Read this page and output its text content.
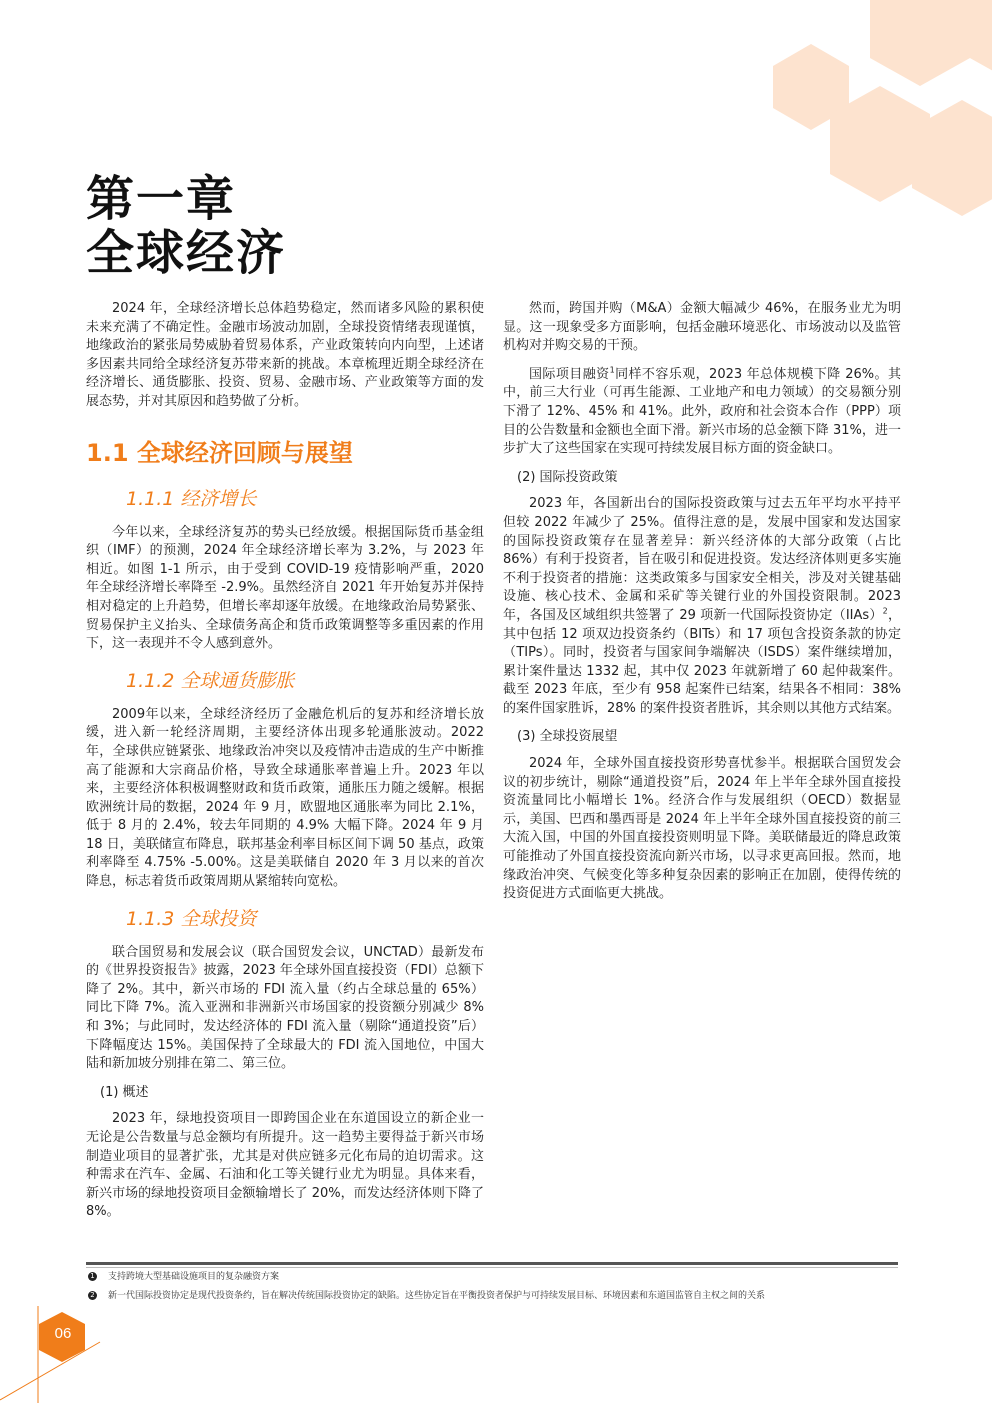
第一章
全球经济

2024 年，全球经济增长总体趋势稳定，然而诸多风险的累积使未来充满了不确定性。金融市场波动加剧，全球投资情绪表现谨慎，地缘政治的紧张局势威胁着贸易体系，产业政策转向内向型，上述诸多因素共同给全球经济复苏带来新的挑战。本章梳理近期全球经济在经济增长、通货膨胀、投资、贸易、金融市场、产业政策等方面的发展态势，并对其原因和趋势做了分析。

1.1 全球经济回顾与展望
1.1.1 经济增长

今年以来，全球经济复苏的势头已经放缓。根据国际货币基金组织（IMF）的预测，2024 年全球经济增长率为 3.2%，与 2023 年相近。如图 1-1 所示，由于受到 COVID-19 疫情影响严重，2020 年全球经济增长率降至 -2.9%。虽然经济自 2021 年开始复苏并保持相对稳定的上升趋势，但增长率却逐年放缓。在地缘政治局势紧张、贸易保护主义抬头、全球债务高企和货币政策调整等多重因素的作用下，这一表现并不令人感到意外。

1.1.2 全球通货膨胀

2009年以来，全球经济经历了金融危机后的复苏和经济增长放缓，进入新一轮经济周期，主要经济体出现多轮通胀波动。2022 年，全球供应链紧张、地缘政治冲突以及疫情冲击造成的生产中断推高了能源和大宗商品价格，导致全球通胀率普遍上升。2023 年以来，主要经济体积极调整财政和货币政策，通胀压力随之缓解。根据欧洲统计局的数据，2024 年 9 月，欧盟地区通胀率为同比 2.1%，低于 8 月的 2.4%，较去年同期的 4.9% 大幅下降。2024 年 9 月 18 日，美联储宣布降息，联邦基金利率目标区间下调 50 基点，政策利率降至 4.75% -5.00%。这是美联储自 2020 年 3 月以来的首次降息，标志着货币政策周期从紧缩转向宽松。

1.1.3 全球投资

联合国贸易和发展会议（联合国贸发会议，UNCTAD）最新发布的《世界投资报告》披露，2023 年全球外国直接投资（FDI）总额下降了 2%。其中，新兴市场的 FDI 流入量（约占全球总量的 65%）同比下降 7%。流入亚洲和非洲新兴市场国家的投资额分别减少 8% 和 3%；与此同时，发达经济体的 FDI 流入量（剔除“通道投资”后）下降幅度达 15%。美国保持了全球最大的 FDI 流入国地位，中国大陆和新加坡分别排在第二、第三位。

(1) 概述

2023 年，绿地投资项目一即跨国企业在东道国设立的新企业一无论是公告数量与总金额均有所提升。这一趋势主要得益于新兴市场制造业项目的显著扩张，尤其是对供应链多元化布局的迫切需求。这种需求在汽车、金属、石油和化工等关键行业尤为明显。具体来看，新兴市场的绿地投资项目金额输增长了 20%，而发达经济体则下降了 8%。

然而，跨国并购（M&A）金额大幅减少 46%，在服务业尤为明显。这一现象受多方面影响，包括金融环境恶化、市场波动以及监管机构对并购交易的干预。

国际项目融资$^1$同样不容乐观，2023 年总体规模下降 26%。其中，前三大行业（可再生能源、工业地产和电力领域）的交易额分别下滑了 12%、45% 和 41%。此外，政府和社会资本合作（PPP）项目的公告数量和金额也全面下滑。新兴市场的总金额下降 31%，进一步扩大了这些国家在实现可持续发展目标方面的资金缺口。

(2) 国际投资政策

2023 年，各国新出台的国际投资政策与过去五年平均水平持平但较 2022 年减少了 25%。值得注意的是，发展中国家和发达国家的国际投资政策存在显著差异：新兴经济体的大部分政策（占比 86%）有利于投资者，旨在吸引和促进投资。发达经济体则更多实施不利于投资者的措施：这类政策多与国家安全相关，涉及对关键基础设施、核心技术、金属和采矿等关键行业的外国投资限制。2023 年，各国及区域组织共签署了 29 项新一代国际投资协定（IIAs）$^2$，其中包括 12 项双边投资条约（BITs）和 17 项包含投资条款的协定（TIPs）。同时，投资者与国家间争端解决（ISDS）案件继续增加，累计案件量达 1332 起，其中仅 2023 年就新增了 60 起仲裁案件。截至 2023 年底，至少有 958 起案件已结案，结果各不相同：38% 的案件国家胜诉，28% 的案件投资者胜诉，其余则以其他方式结案。

(3) 全球投资展望

2024 年，全球外国直接投资形势喜忧参半。根据联合国贸发会议的初步统计，剔除“通道投资”后，2024 年上半年全球外国直接投资流量同比小幅增长 1%。经济合作与发展组织（OECD）数据显示，美国、巴西和墨西哥是 2024 年上半年全球外国直接投资的前三大流入国，中国的外国直接投资则明显下降。美联储最近的降息政策可能推动了外国直接投资流向新兴市场，以寻求更高回报。然而，地缘政治冲突、气候变化等多种复杂因素的影响正在加剧，使得传统的投资促进方式面临更大挑战。

1 支持跨境大型基础设施项目的复杂融资方案
2 新一代国际投资协定是现代投资条约，旨在解决传统国际投资协定的缺陷。这些协定旨在平衡投资者保护与可持续发展目标、环境因素和东道国监管自主权之间的关系
06
